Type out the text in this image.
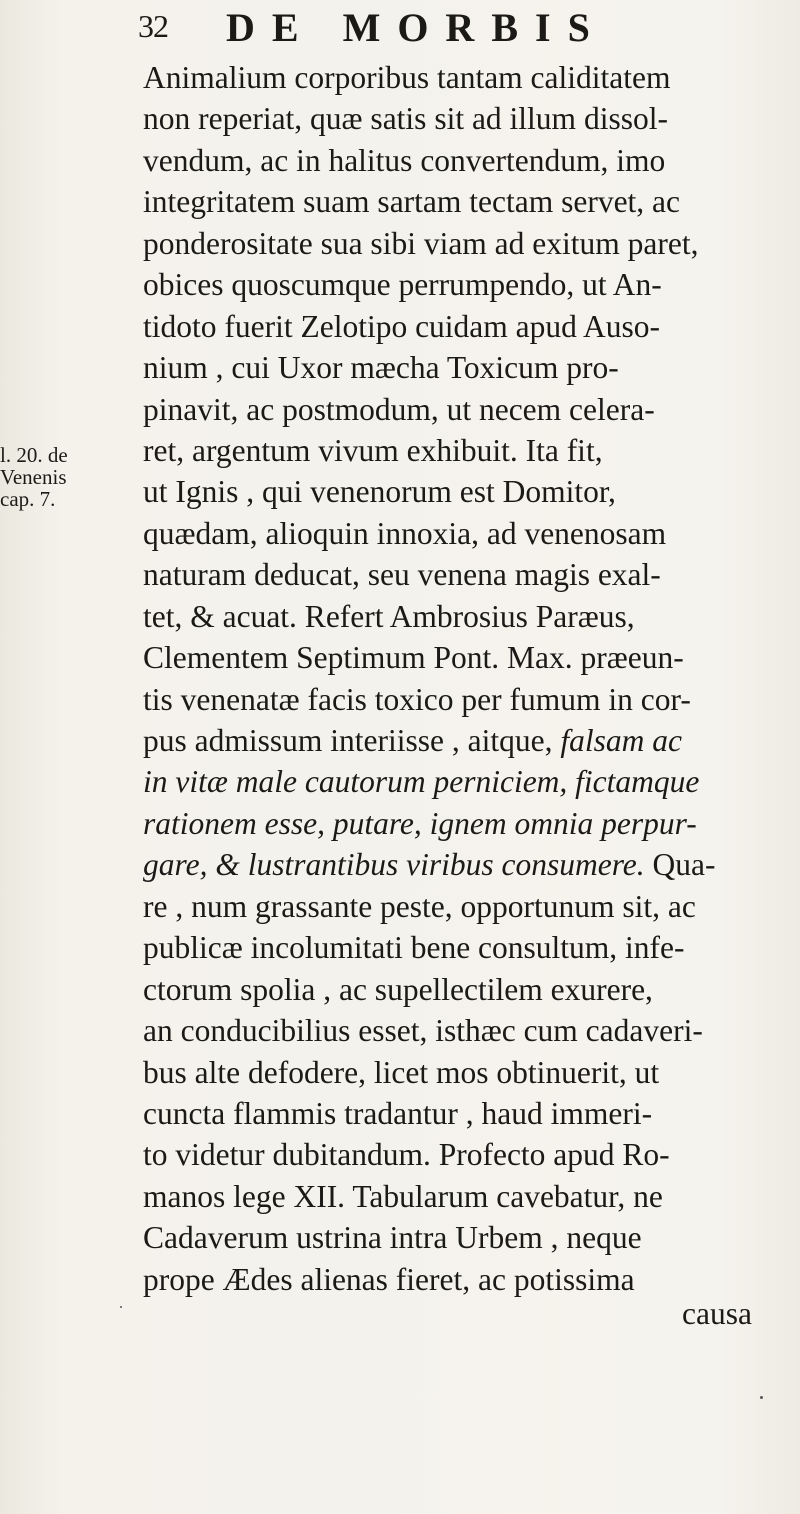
32 DE MORBIS
l. 20. de
Venenis
cap. 7.
Animalium corporibus tantam caliditatem
non reperiat, quæ satis sit ad illum dissol-
vendum, ac in halitus convertendum, imo
integritatem suam sartam tectam servet, ac
ponderositate sua sibi viam ad exitum paret,
obices quoscumque perrumpendo, ut An-
tidoto fuerit Zelotipo cuidam apud Auso-
nium , cui Uxor mæcha Toxicum pro-
pinavit, ac postmodum, ut necem celera-
ret, argentum vivum exhibuit. Ita fit,
ut Ignis , qui venenorum est Domitor,
quædam, alioquin innoxia, ad venenosam
naturam deducat, seu venena magis exal-
tet, & acuat. Refert Ambrosius Paræus,
Clementem Septimum Pont. Max. præeun-
tis venenatæ facis toxico per fumum in cor-
pus admissum interiisse , aitque, falsam ac
in vitæ male cautorum perniciem, fictamque
rationem esse, putare, ignem omnia perpur-
gare, & lustrantibus viribus consumere. Qua-
re , num grassante peste, opportunum sit, ac
publicæ incolumitati bene consultum, infe-
ctorum spolia , ac supellectilem exurere,
an conducibilius esset, isthæc cum cadaveri-
bus alte defodere, licet mos obtinuerit, ut
cuncta flammis tradantur , haud immeri-
to videtur dubitandum. Profecto apud Ro-
manos lege XII. Tabularum cavebatur, ne
Cadaverum ustrina intra Urbem , neque
prope Ædes alienas fieret, ac potissima
causa
